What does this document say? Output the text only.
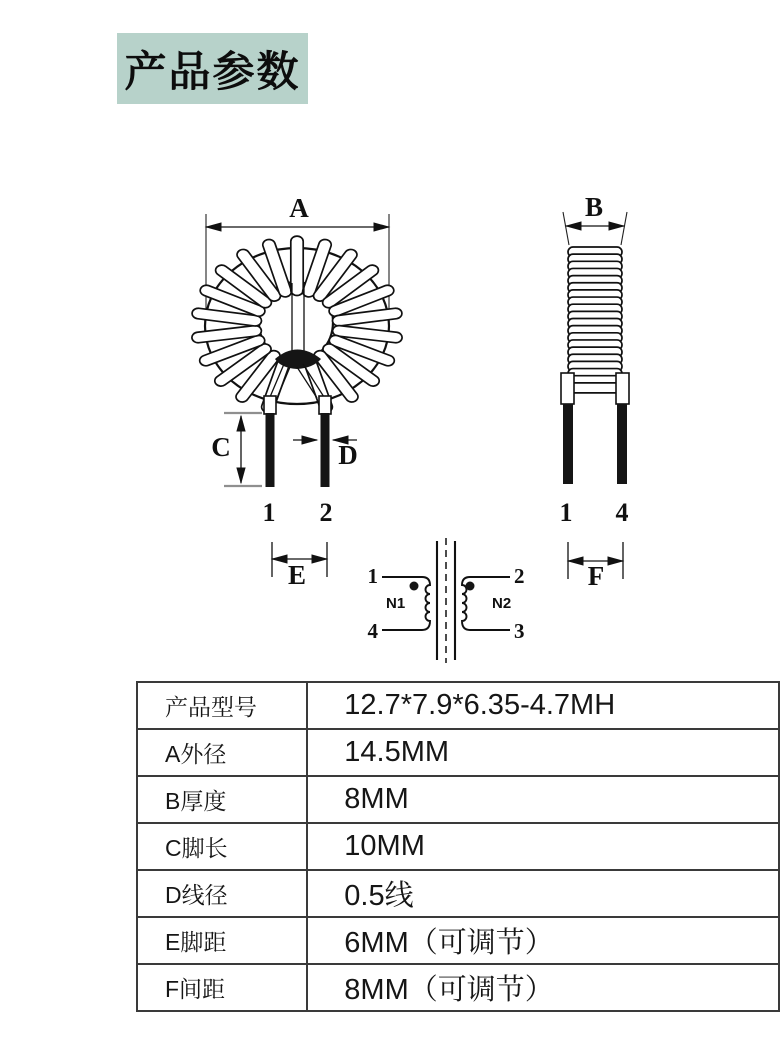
产品参数
A
C	D
1 2
E
B
1 4
F
1
4
2
3
N1	N2
产品型号	12.7*7.9*6.35-4.7MH
A外径	14.5MM
B厚度	8MM
C脚长	10MM
D线径	0.5线
E脚距	6MM（可调节）
F间距	8MM（可调节）
